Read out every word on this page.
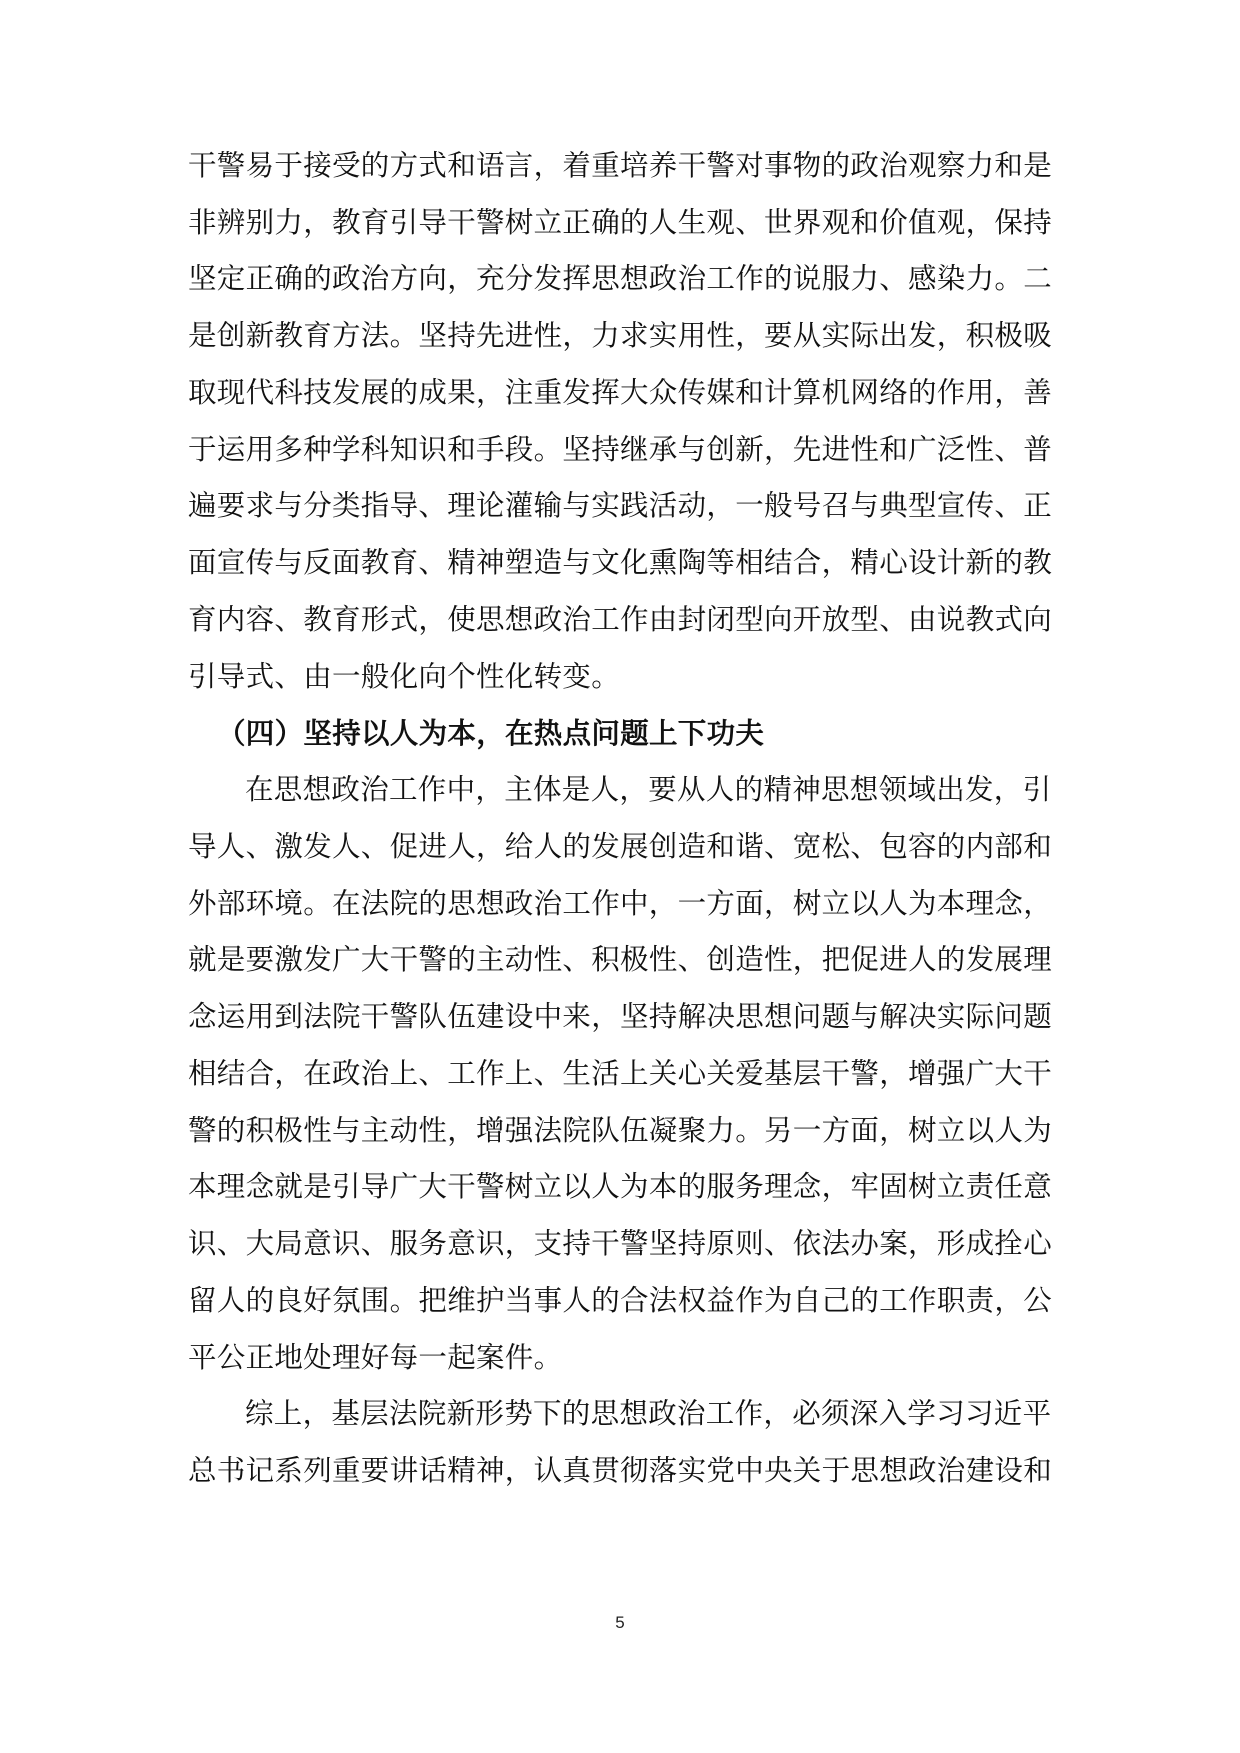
干警易于接受的方式和语言，着重培养干警对事物的政治观察力和是
非辨别力，教育引导干警树立正确的人生观、世界观和价值观，保持
坚定正确的政治方向，充分发挥思想政治工作的说服力、感染力。二
是创新教育方法。坚持先进性，力求实用性，要从实际出发，积极吸
取现代科技发展的成果，注重发挥大众传媒和计算机网络的作用，善
于运用多种学科知识和手段。坚持继承与创新，先进性和广泛性、普
遍要求与分类指导、理论灌输与实践活动，一般号召与典型宣传、正
面宣传与反面教育、精神塑造与文化熏陶等相结合，精心设计新的教
育内容、教育形式，使思想政治工作由封闭型向开放型、由说教式向
引导式、由一般化向个性化转变。
（四）坚持以人为本，在热点问题上下功夫
在思想政治工作中，主体是人，要从人的精神思想领域出发，引
导人、激发人、促进人，给人的发展创造和谐、宽松、包容的内部和
外部环境。在法院的思想政治工作中，一方面，树立以人为本理念，
就是要激发广大干警的主动性、积极性、创造性，把促进人的发展理
念运用到法院干警队伍建设中来，坚持解决思想问题与解决实际问题
相结合，在政治上、工作上、生活上关心关爱基层干警，增强广大干
警的积极性与主动性，增强法院队伍凝聚力。另一方面，树立以人为
本理念就是引导广大干警树立以人为本的服务理念，牢固树立责任意
识、大局意识、服务意识，支持干警坚持原则、依法办案，形成拴心
留人的良好氛围。把维护当事人的合法权益作为自己的工作职责，公
平公正地处理好每一起案件。
综上，基层法院新形势下的思想政治工作，必须深入学习习近平
总书记系列重要讲话精神，认真贯彻落实党中央关于思想政治建设和
5
